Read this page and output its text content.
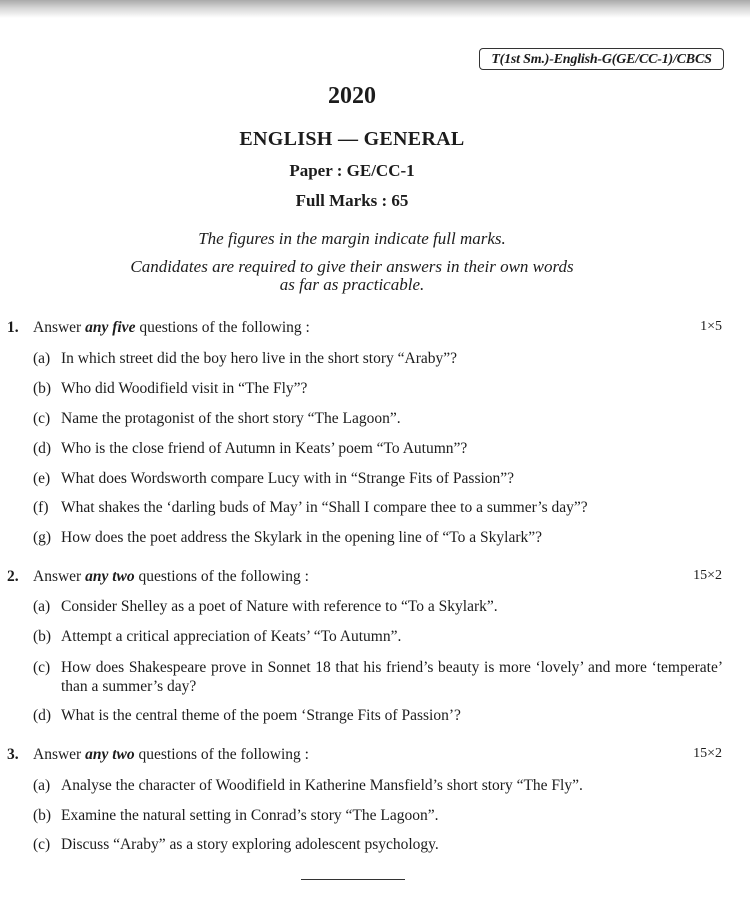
T(1st Sm.)-English-G(GE/CC-1)/CBCS
2020
ENGLISH — GENERAL
Paper : GE/CC-1
Full Marks : 65
The figures in the margin indicate full marks.
Candidates are required to give their answers in their own words
as far as practicable.
1. Answer any five questions of the following :	1×5
(a) In which street did the boy hero live in the short story “Araby”?
(b) Who did Woodifield visit in “The Fly”?
(c) Name the protagonist of the short story “The Lagoon”.
(d) Who is the close friend of Autumn in Keats’ poem “To Autumn”?
(e) What does Wordsworth compare Lucy with in “Strange Fits of Passion”?
(f) What shakes the ‘darling buds of May’ in “Shall I compare thee to a summer’s day”?
(g) How does the poet address the Skylark in the opening line of “To a Skylark”?
2. Answer any two questions of the following :	15×2
(a) Consider Shelley as a poet of Nature with reference to “To a Skylark”.
(b) Attempt a critical appreciation of Keats’ “To Autumn”.
(c) How does Shakespeare prove in Sonnet 18 that his friend’s beauty is more ‘lovely’ and more ‘temperate’ than a summer’s day?
(d) What is the central theme of the poem ‘Strange Fits of Passion’?
3. Answer any two questions of the following :	15×2
(a) Analyse the character of Woodifield in Katherine Mansfield’s short story “The Fly”.
(b) Examine the natural setting in Conrad’s story “The Lagoon”.
(c) Discuss “Araby” as a story exploring adolescent psychology.
